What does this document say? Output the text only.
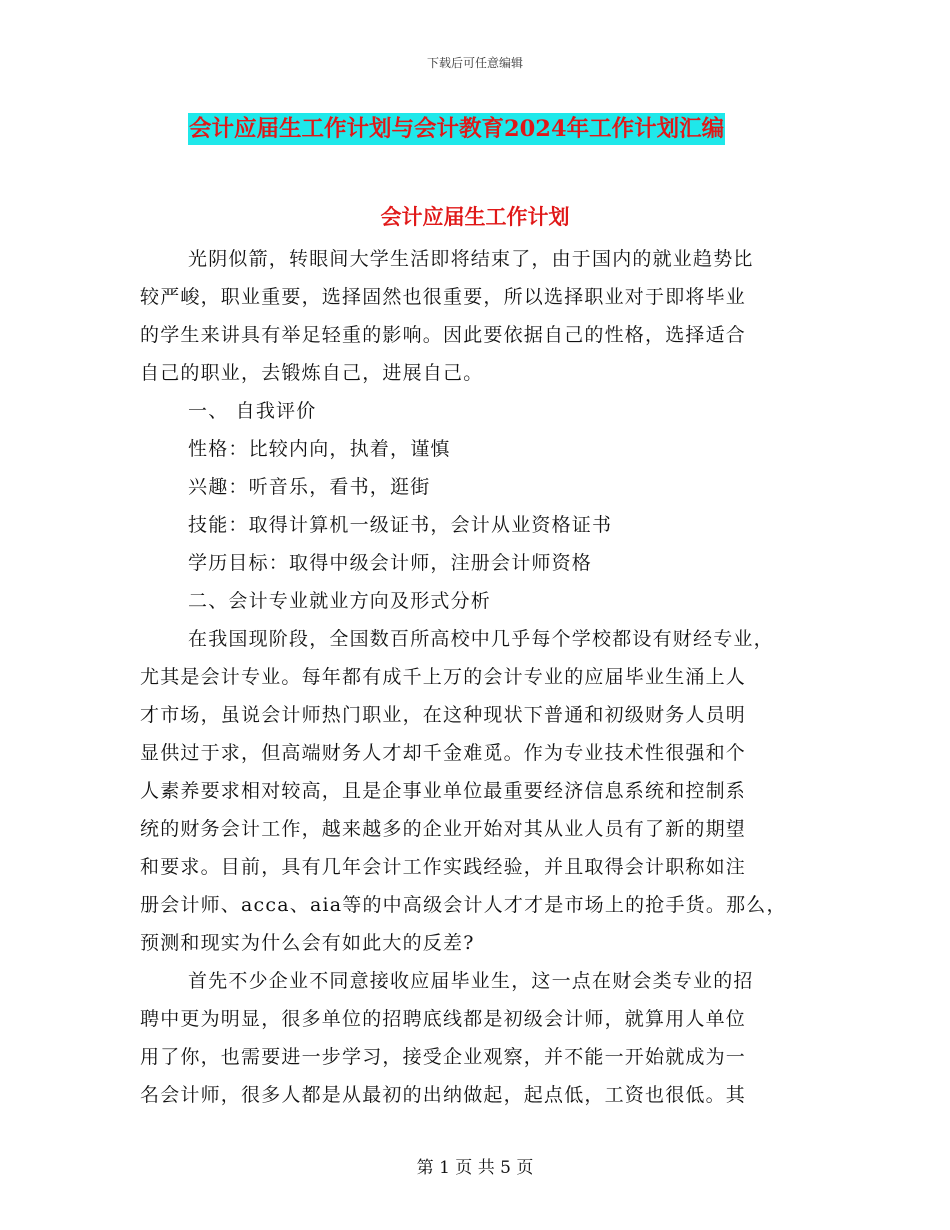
下载后可任意编辑
会计应届生工作计划与会计教育2024年工作计划汇编
会计应届生工作计划
光阴似箭，转眼间大学生活即将结束了，由于国内的就业趋势比
较严峻，职业重要，选择固然也很重要，所以选择职业对于即将毕业
的学生来讲具有举足轻重的影响。因此要依据自己的性格，选择适合
自己的职业，去锻炼自己，进展自己。
一、 自我评价
性格：比较内向，执着，谨慎
兴趣：听音乐，看书，逛街
技能：取得计算机一级证书，会计从业资格证书
学历目标：取得中级会计师，注册会计师资格
二、会计专业就业方向及形式分析
在我国现阶段，全国数百所高校中几乎每个学校都设有财经专业，
尤其是会计专业。每年都有成千上万的会计专业的应届毕业生涌上人
才市场，虽说会计师热门职业，在这种现状下普通和初级财务人员明
显供过于求，但高端财务人才却千金难觅。作为专业技术性很强和个
人素养要求相对较高，且是企事业单位最重要经济信息系统和控制系
统的财务会计工作，越来越多的企业开始对其从业人员有了新的期望
和要求。目前，具有几年会计工作实践经验，并且取得会计职称如注
册会计师、acca、aia等的中高级会计人才才是市场上的抢手货。那么，
预测和现实为什么会有如此大的反差?
首先不少企业不同意接收应届毕业生，这一点在财会类专业的招
聘中更为明显，很多单位的招聘底线都是初级会计师，就算用人单位
用了你，也需要进一步学习，接受企业观察，并不能一开始就成为一
名会计师，很多人都是从最初的出纳做起，起点低，工资也很低。其
第 1 页 共 5 页
